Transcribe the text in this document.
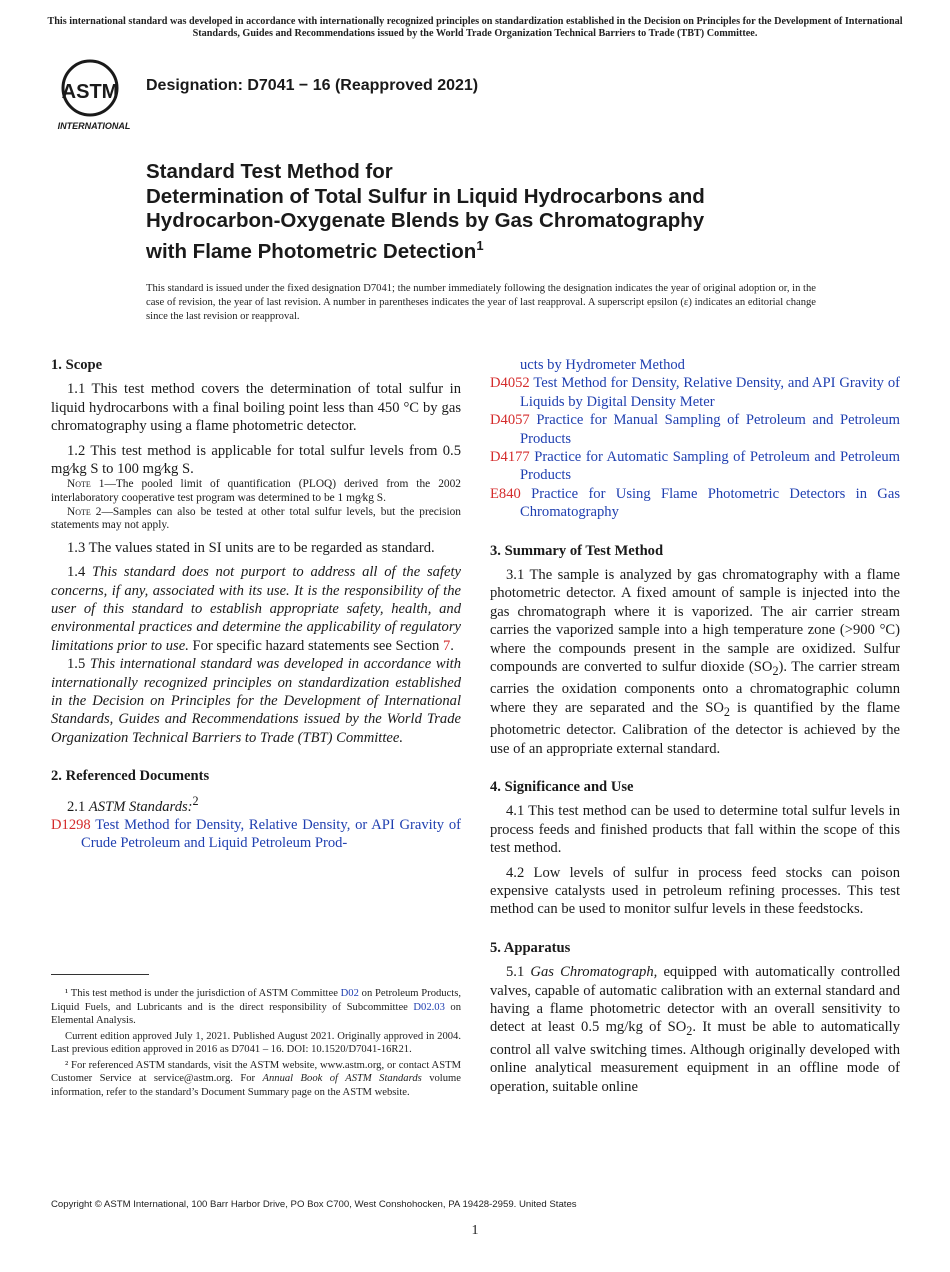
This international standard was developed in accordance with internationally recognized principles on standardization established in the Decision on Principles for the Development of International Standards, Guides and Recommendations issued by the World Trade Organization Technical Barriers to Trade (TBT) Committee.
ASTM
INTERNATIONAL
Designation: D7041 − 16 (Reapproved 2021)
Standard Test Method for
Determination of Total Sulfur in Liquid Hydrocarbons and
Hydrocarbon-Oxygenate Blends by Gas Chromatography
with Flame Photometric Detection$^1$
This standard is issued under the fixed designation D7041; the number immediately following the designation indicates the year of original adoption or, in the case of revision, the year of last revision. A number in parentheses indicates the year of last reapproval. A superscript epsilon (ε) indicates an editorial change since the last revision or reapproval.

1. Scope

1.1 This test method covers the determination of total sulfur in liquid hydrocarbons with a final boiling point less than 450 °C by gas chromatography using a flame photometric detector.

1.2 This test method is applicable for total sulfur levels from 0.5 mg⁄kg S to 100 mg⁄kg S.

Note 1—The pooled limit of quantification (PLOQ) derived from the 2002 interlaboratory cooperative test program was determined to be 1 mg⁄kg S.

Note 2—Samples can also be tested at other total sulfur levels, but the precision statements may not apply.

1.3 The values stated in SI units are to be regarded as standard.

1.4 This standard does not purport to address all of the safety concerns, if any, associated with its use. It is the responsibility of the user of this standard to establish appropriate safety, health, and environmental practices and determine the applicability of regulatory limitations prior to use. For specific hazard statements see Section 7.

1.5 This international standard was developed in accordance with internationally recognized principles on standardization established in the Decision on Principles for the Development of International Standards, Guides and Recommendations issued by the World Trade Organization Technical Barriers to Trade (TBT) Committee.

2. Referenced Documents

2.1 ASTM Standards:$^2$

D1298 Test Method for Density, Relative Density, or API Gravity of Crude Petroleum and Liquid Petroleum Prod-

ucts by Hydrometer Method

D4052 Test Method for Density, Relative Density, and API Gravity of Liquids by Digital Density Meter

D4057 Practice for Manual Sampling of Petroleum and Petroleum Products

D4177 Practice for Automatic Sampling of Petroleum and Petroleum Products

E840 Practice for Using Flame Photometric Detectors in Gas Chromatography

3. Summary of Test Method

3.1 The sample is analyzed by gas chromatography with a flame photometric detector. A fixed amount of sample is injected into the gas chromatograph where it is vaporized. The air carrier stream carries the vaporized sample into a high temperature zone (>900 °C) where the compounds present in the sample are oxidized. Sulfur compounds are converted to sulfur dioxide $(SO_2)$. The carrier stream carries the oxidation components onto a chromatographic column where they are separated and the $SO_2$ is quantified by the flame photometric detector. Calibration of the detector is achieved by the use of an appropriate external standard.

4. Significance and Use

4.1 This test method can be used to determine total sulfur levels in process feeds and finished products that fall within the scope of this test method.

4.2 Low levels of sulfur in process feed stocks can poison expensive catalysts used in petroleum refining processes. This test method can be used to monitor sulfur levels in these feedstocks.

5. Apparatus

5.1 Gas Chromatograph, equipped with automatically controlled valves, capable of automatic calibration with an external standard and having a flame photometric detector with an overall sensitivity to detect at least 0.5 mg/kg of $SO_2$. It must be able to automatically control all valve switching times. Although originally developed with online analytical measurement equipment in an offline mode of operation, suitable online

¹ This test method is under the jurisdiction of ASTM Committee D02 on Petroleum Products, Liquid Fuels, and Lubricants and is the direct responsibility of Subcommittee D02.03 on Elemental Analysis.

Current edition approved July 1, 2021. Published August 2021. Originally approved in 2004. Last previous edition approved in 2016 as D7041 – 16. DOI: 10.1520/D7041-16R21.

² For referenced ASTM standards, visit the ASTM website, www.astm.org, or contact ASTM Customer Service at service@astm.org. For Annual Book of ASTM Standards volume information, refer to the standard’s Document Summary page on the ASTM website.

Copyright © ASTM International, 100 Barr Harbor Drive, PO Box C700, West Conshohocken, PA 19428-2959. United States
1
